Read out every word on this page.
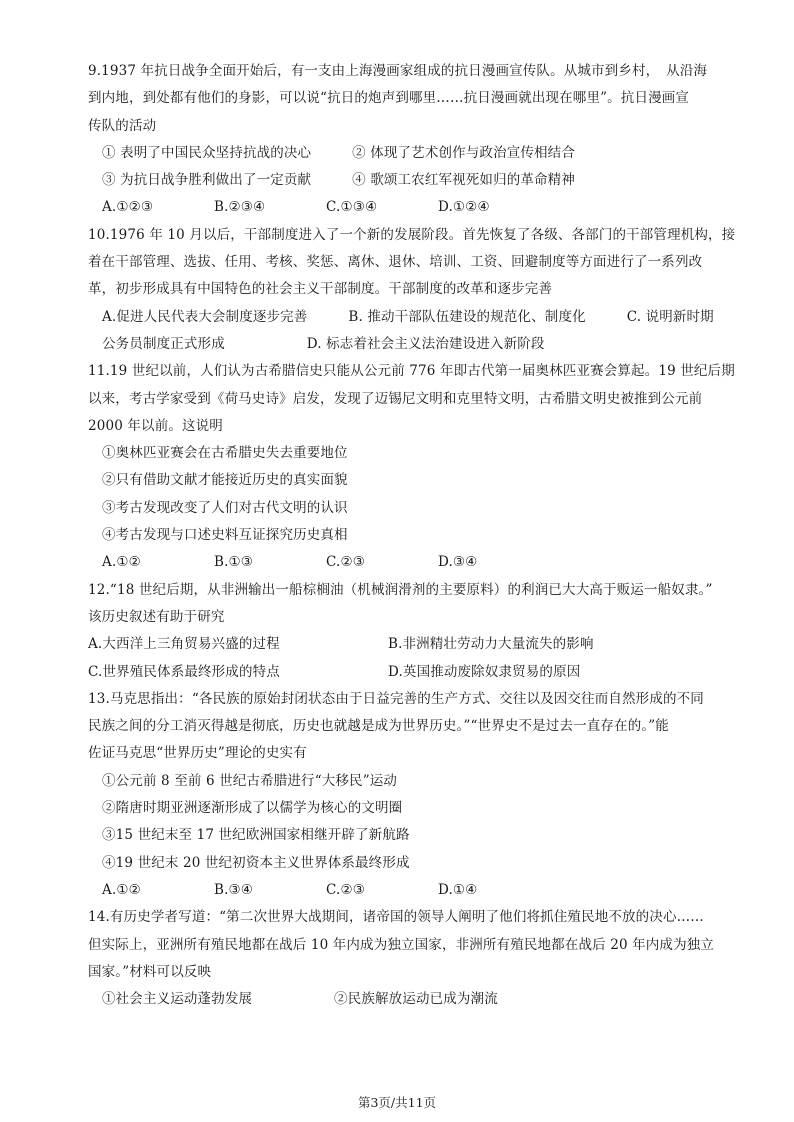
9.1937 年抗日战争全面开始后，有一支由上海漫画家组成的抗日漫画宣传队。从城市到乡村，　从沿海
到内地，到处都有他们的身影，可以说“抗日的炮声到哪里……抗日漫画就出现在哪里”。抗日漫画宣
传队的活动
① 表明了中国民众坚持抗战的决心　　　② 体现了艺术创作与政治宣传相结合
③ 为抗日战争胜利做出了一定贡献　　　④ 歌颂工农红军视死如归的革命精神
A.①②③	B.②③④	C.①③④	D.①②④
10.1976 年 10 月以后，干部制度进入了一个新的发展阶段。首先恢复了各级、各部门的干部管理机构，接
着在干部管理、选拔、任用、考核、奖惩、离休、退休、培训、工资、回避制度等方面进行了一系列改
革，初步形成具有中国特色的社会主义干部制度。干部制度的改革和逐步完善
A.促进人民代表大会制度逐步完善　　　B. 推动干部队伍建设的规范化、制度化　　　C. 说明新时期
公务员制度正式形成　　　　　　D. 标志着社会主义法治建设进入新阶段
11.19 世纪以前，人们认为古希腊信史只能从公元前 776 年即古代第一届奥林匹亚赛会算起。19 世纪后期
以来，考古学家受到《荷马史诗》启发，发现了迈锡尼文明和克里特文明，古希腊文明史被推到公元前
2000 年以前。这说明
①奥林匹亚赛会在古希腊史失去重要地位
②只有借助文献才能接近历史的真实面貌
③考古发现改变了人们对古代文明的认识
④考古发现与口述史料互证探究历史真相
A.①②	B.①③	C.②③	D.③④
12.“18 世纪后期，从非洲输出一船棕榈油（机械润滑剂的主要原料）的利润已大大高于贩运一船奴隶。”
该历史叙述有助于研究
A.大西洋上三角贸易兴盛的过程	B.非洲精壮劳动力大量流失的影响
C.世界殖民体系最终形成的特点	D.英国推动废除奴隶贸易的原因
13.马克思指出：“各民族的原始封闭状态由于日益完善的生产方式、交往以及因交往而自然形成的不同
民族之间的分工消灭得越是彻底，历史也就越是成为世界历史。”“世界史不是过去一直存在的。”能
佐证马克思“世界历史”理论的史实有
①公元前 8 至前 6 世纪古希腊进行“大移民”运动
②隋唐时期亚洲逐渐形成了以儒学为核心的文明圈
③15 世纪末至 17 世纪欧洲国家相继开辟了新航路
④19 世纪末 20 世纪初资本主义世界体系最终形成
A.①②	B.③④	C.②③	D.①④
14.有历史学者写道：“第二次世界大战期间，诸帝国的领导人阐明了他们将抓住殖民地不放的决心……
但实际上，亚洲所有殖民地都在战后 10 年内成为独立国家，非洲所有殖民地都在战后 20 年内成为独立
国家。”材料可以反映
①社会主义运动蓬勃发展　　　　　　②民族解放运动已成为潮流
第3页/共11页
